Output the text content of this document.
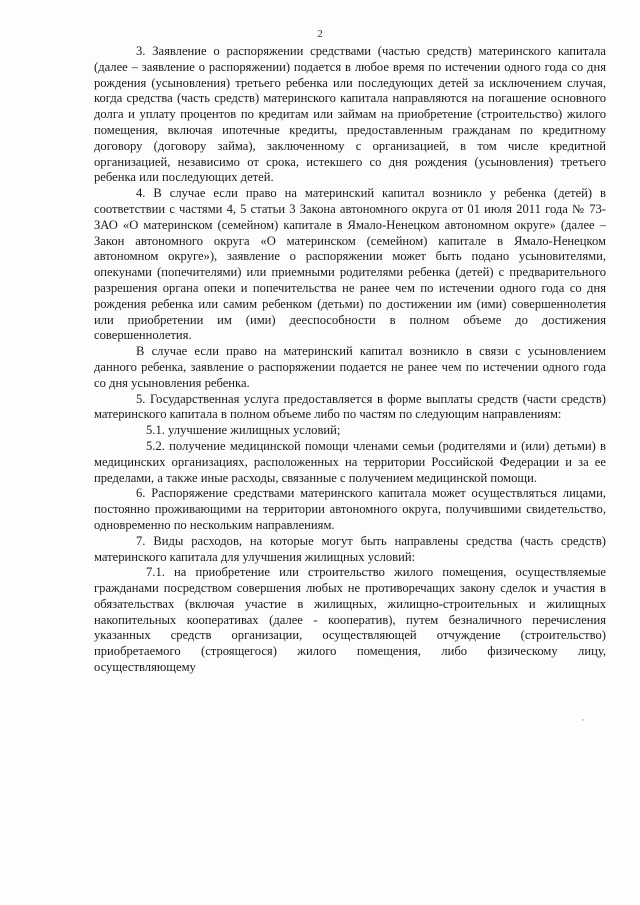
2

3. Заявление о распоряжении средствами (частью средств) материнского капитала (далее – заявление о распоряжении) подается в любое время по истечении одного года со дня рождения (усыновления) третьего ребенка или последующих детей за исключением случая, когда средства (часть средств) материнского капитала направляются на погашение основного долга и уплату процентов по кредитам или займам на приобретение (строительство) жилого помещения, включая ипотечные кредиты, предоставленным гражданам по кредитному договору (договору займа), заключенному с организацией, в том числе кредитной организацией, независимо от срока, истекшего со дня рождения (усыновления) третьего ребенка или последующих детей.

4. В случае если право на материнский капитал возникло у ребенка (детей) в соответствии с частями 4, 5 статьи 3 Закона автономного округа от 01 июля 2011 года № 73-ЗАО «О материнском (семейном) капитале в Ямало-Ненецком автономном округе» (далее – Закон автономного округа «О материнском (семейном) капитале в Ямало-Ненецком автономном округе»), заявление о распоряжении может быть подано усыновителями, опекунами (попечителями) или приемными родителями ребенка (детей) с предварительного разрешения органа опеки и попечительства не ранее чем по истечении одного года со дня рождения ребенка или самим ребенком (детьми) по достижении им (ими) совершеннолетия или приобретении им (ими) дееспособности в полном объеме до достижения совершеннолетия.

В случае если право на материнский капитал возникло в связи с усыновлением данного ребенка, заявление о распоряжении подается не ранее чем по истечении одного года со дня усыновления ребенка.

5. Государственная услуга предоставляется в форме выплаты средств (части средств) материнского капитала в полном объеме либо по частям по следующим направлениям:

5.1. улучшение жилищных условий;

5.2. получение медицинской помощи членами семьи (родителями и (или) детьми) в медицинских организациях, расположенных на территории Российской Федерации и за ее пределами, а также иные расходы, связанные с получением медицинской помощи.

6. Распоряжение средствами материнского капитала может осуществляться лицами, постоянно проживающими на территории автономного округа, получившими свидетельство, одновременно по нескольким направлениям.

7. Виды расходов, на которые могут быть направлены средства (часть средств) материнского капитала для улучшения жилищных условий:

7.1. на приобретение или строительство жилого помещения, осуществляемые гражданами посредством совершения любых не противоречащих закону сделок и участия в обязательствах (включая участие в жилищных, жилищно-строительных и жилищных накопительных кооперативах (далее - кооператив), путем безналичного перечисления указанных средств организации, осуществляющей отчуждение (строительство) приобретаемого (строящегося) жилого помещения, либо физическому лицу, осуществляющему

·
